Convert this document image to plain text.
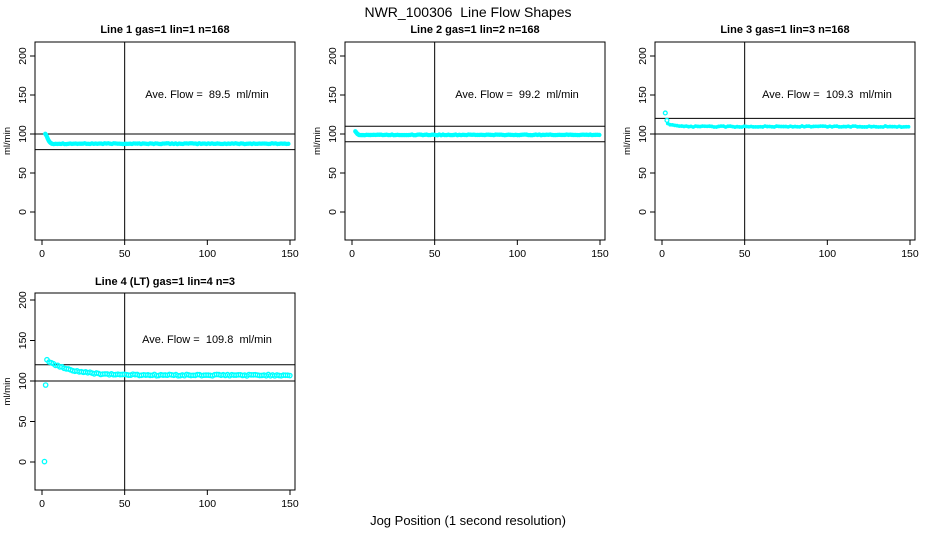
NWR_100306  Line Flow Shapes
0	50	100	150
0
50
100
150
200
ml/min
Line 1 gas=1 lin=1 n=168
Ave. Flow =  89.5  ml/min
0	50	100	150
0
50
100
150
200
ml/min
Line 2 gas=1 lin=2 n=168
Ave. Flow =  99.2  ml/min
0	50	100	150
0
50
100
150
200
ml/min
Line 3 gas=1 lin=3 n=168
Ave. Flow =  109.3  ml/min
0	50	100	150
0
50
100
150
200
ml/min
Line 4 (LT) gas=1 lin=4 n=3
Ave. Flow =  109.8  ml/min
Jog Position (1 second resolution)
